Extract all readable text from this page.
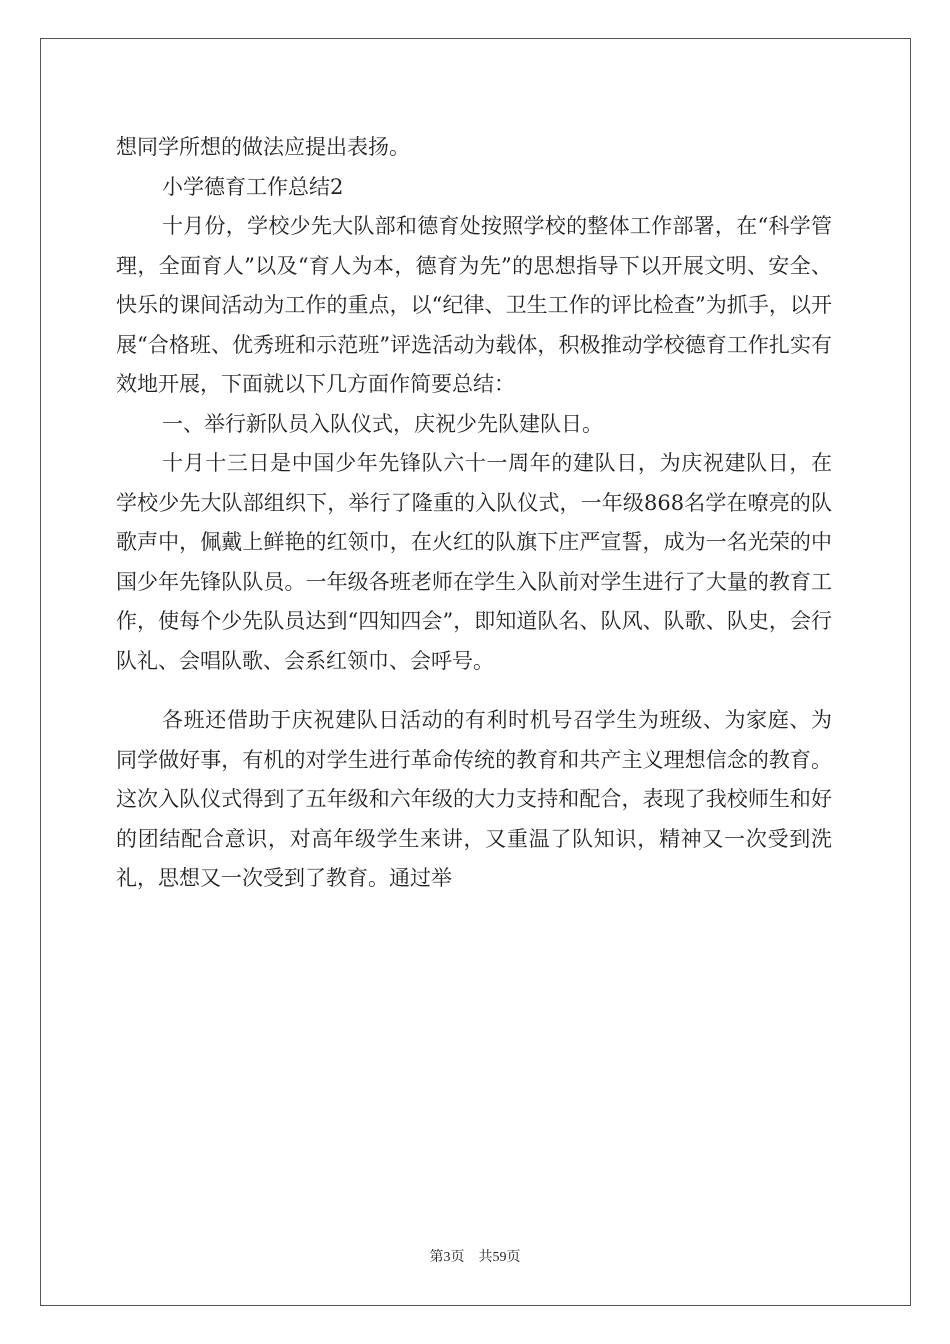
想同学所想的做法应提出表扬。

小学德育工作总结2

十月份，学校少先大队部和德育处按照学校的整体工作部署，在“科学管理，全面育人”以及“育人为本，德育为先”的思想指导下以开展文明、安全、快乐的课间活动为工作的重点，以“纪律、卫生工作的评比检查”为抓手，以开展“合格班、优秀班和示范班”评选活动为载体，积极推动学校德育工作扎实有效地开展，下面就以下几方面作简要总结：

一、举行新队员入队仪式，庆祝少先队建队日。

十月十三日是中国少年先锋队六十一周年的建队日，为庆祝建队日，在学校少先大队部组织下，举行了隆重的入队仪式，一年级868名学在嘹亮的队歌声中，佩戴上鲜艳的红领巾，在火红的队旗下庄严宣誓，成为一名光荣的中国少年先锋队队员。一年级各班老师在学生入队前对学生进行了大量的教育工作，使每个少先队员达到“四知四会”，即知道队名、队风、队歌、队史，会行队礼、会唱队歌、会系红领巾、会呼号。

各班还借助于庆祝建队日活动的有利时机号召学生为班级、为家庭、为同学做好事，有机的对学生进行革命传统的教育和共产主义理想信念的教育。这次入队仪式得到了五年级和六年级的大力支持和配合，表现了我校师生和好的团结配合意识，对高年级学生来讲，又重温了队知识，精神又一次受到洗礼，思想又一次受到了教育。通过举

第3页 共59页
